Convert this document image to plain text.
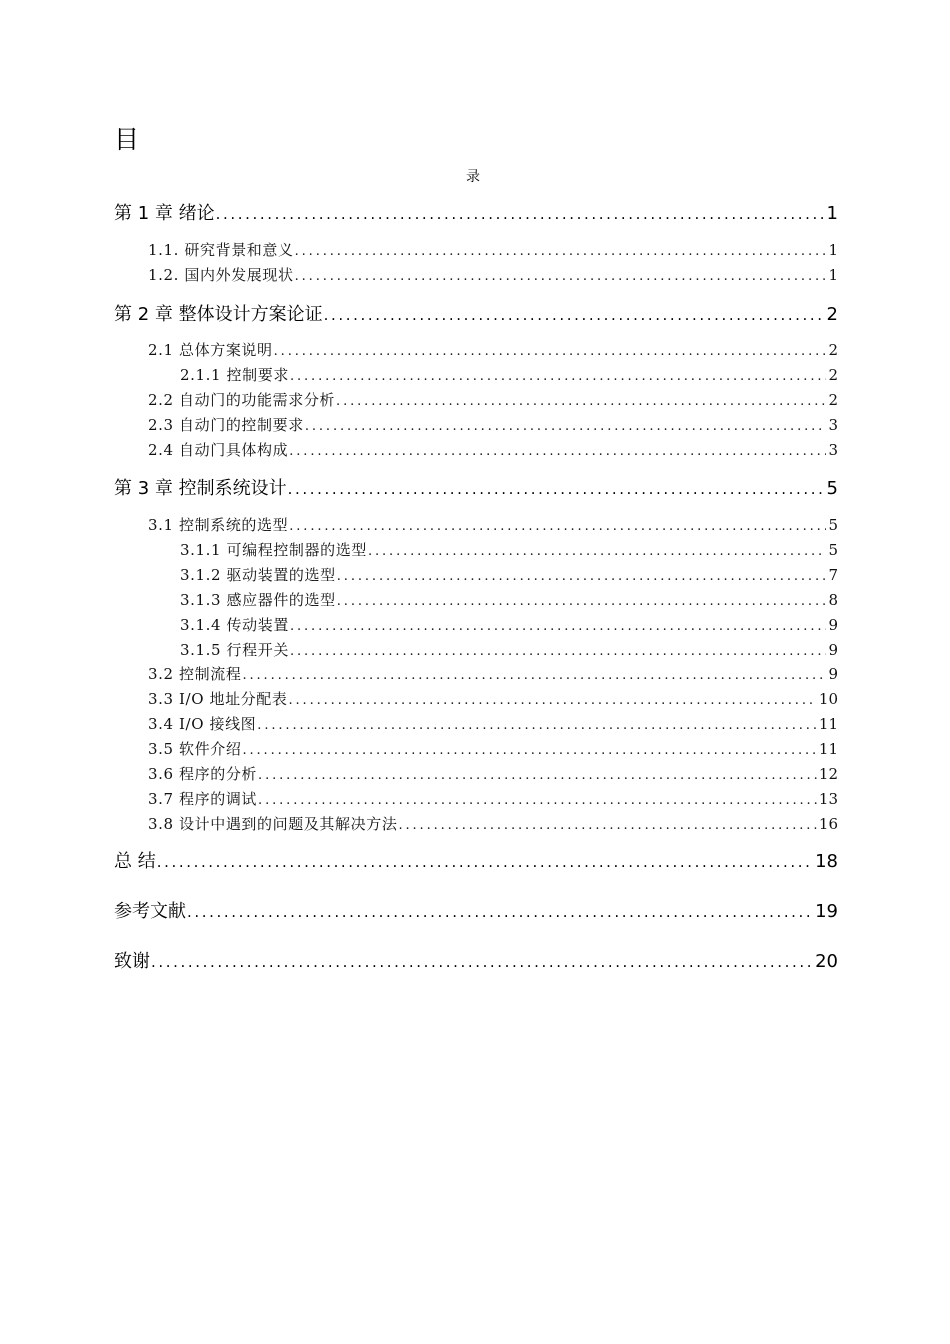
目
录
第 1 章 绪论 .....	1
1.1. 研究背景和意义 .....	1
1.2. 国内外发展现状 .....	1
第 2 章 整体设计方案论证 .....	2
2.1 总体方案说明 .....	2
2.1.1 控制要求 .....	2
2.2 自动门的功能需求分析 .....	2
2.3 自动门的控制要求 .....	3
2.4 自动门具体构成 .....	3
第 3 章 控制系统设计 .....	5
3.1 控制系统的选型 .....	5
3.1.1 可编程控制器的选型 .....	5
3.1.2 驱动装置的选型 .....	7
3.1.3 感应器件的选型 .....	8
3.1.4 传动装置 .....	9
3.1.5 行程开关 .....	9
3.2 控制流程 .....	9
3.3 I/O 地址分配表 .....	10
3.4 I/O 接线图 .....	11
3.5 软件介绍 .....	11
3.6 程序的分析 .....	12
3.7 程序的调试 .....	13
3.8 设计中遇到的问题及其解决方法 .....	16
总 结 .....	18
参考文献 .....	19
致谢 .....	20
